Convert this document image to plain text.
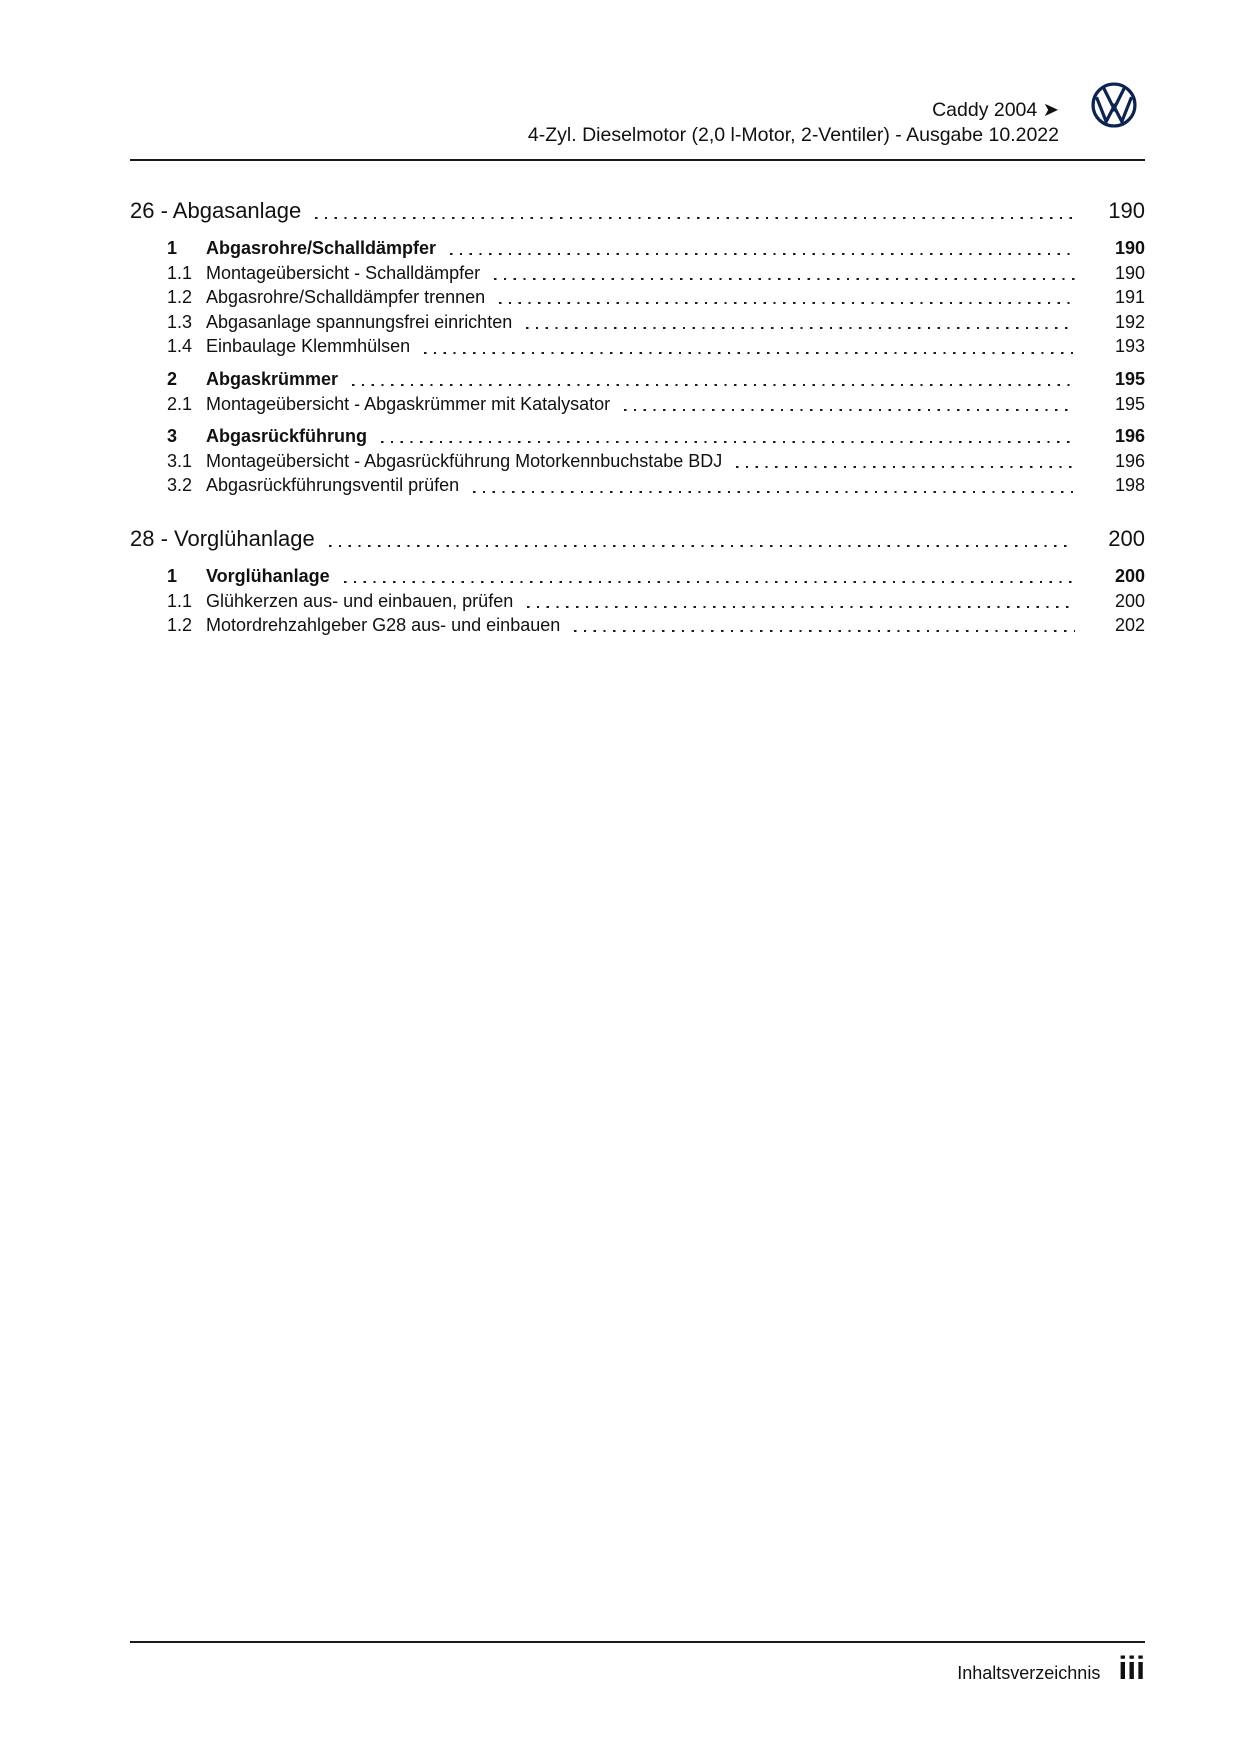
Caddy 2004 ➤
4-Zyl. Dieselmotor (2,0 l-Motor, 2-Ventiler) - Ausgabe 10.2022
26 - Abgasanlage	190
1	Abgasrohre/Schalldämpfer	190
1.1 Montageübersicht - Schalldämpfer	190
1.2 Abgasrohre/Schalldämpfer trennen	191
1.3 Abgasanlage spannungsfrei einrichten	192
1.4 Einbaulage Klemmhülsen	193
2	Abgaskrümmer	195
2.1 Montageübersicht - Abgaskrümmer mit Katalysator	195
3	Abgasrückführung	196
3.1 Montageübersicht - Abgasrückführung Motorkennbuchstabe BDJ	196
3.2 Abgasrückführungsventil prüfen	198
28 - Vorglühanlage	200
1	Vorglühanlage	200
1.1 Glühkerzen aus- und einbauen, prüfen	200
1.2 Motordrehzahlgeber G28 aus- und einbauen	202
Inhaltsverzeichnis iii
